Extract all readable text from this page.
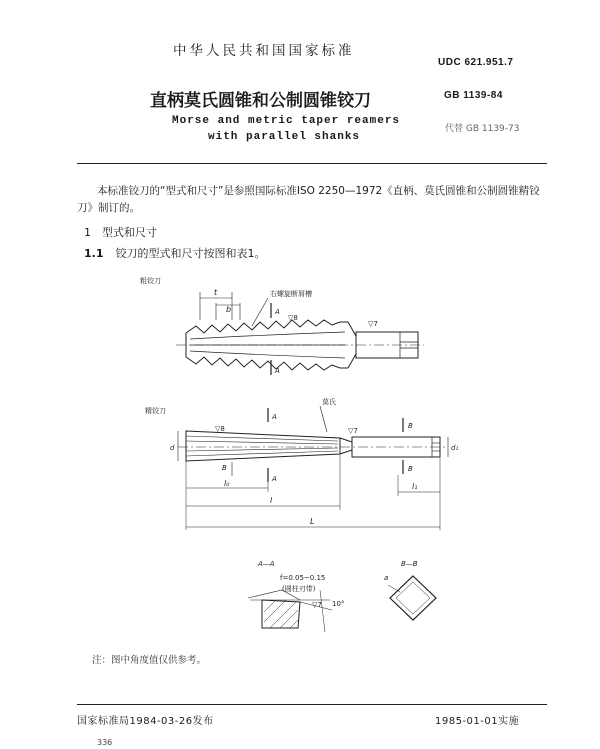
中华人民共和国国家标准
UDC 621.951.7
直柄莫氏圆锥和公制圆锥铰刀	GB 1139-84
Morse and metric taper reamers
with parallel shanks
代替 GB 1139-73
本标准铰刀的“型式和尺寸”是参照国际标准ISO 2250—1972《直柄、莫氏圆锥和公制圆锥精铰刀》制订的。
1　型式和尺寸
1.1 铰刀的型式和尺寸按图和表1。
粗铰刀
t
b
右螺旋断屑槽
A
A
▽8
▽7
精铰刀
莫氏
A
A
B
B
▽8	▽7
d	d₁
B
l₀
l
L
l₁
A—A
f=0.05~0.15
(圆柱刃带)
▽7 10°
B—B
a
注：图中角度值仅供参考。
国家标准局1984-03-26发布	1985-01-01实施
336
